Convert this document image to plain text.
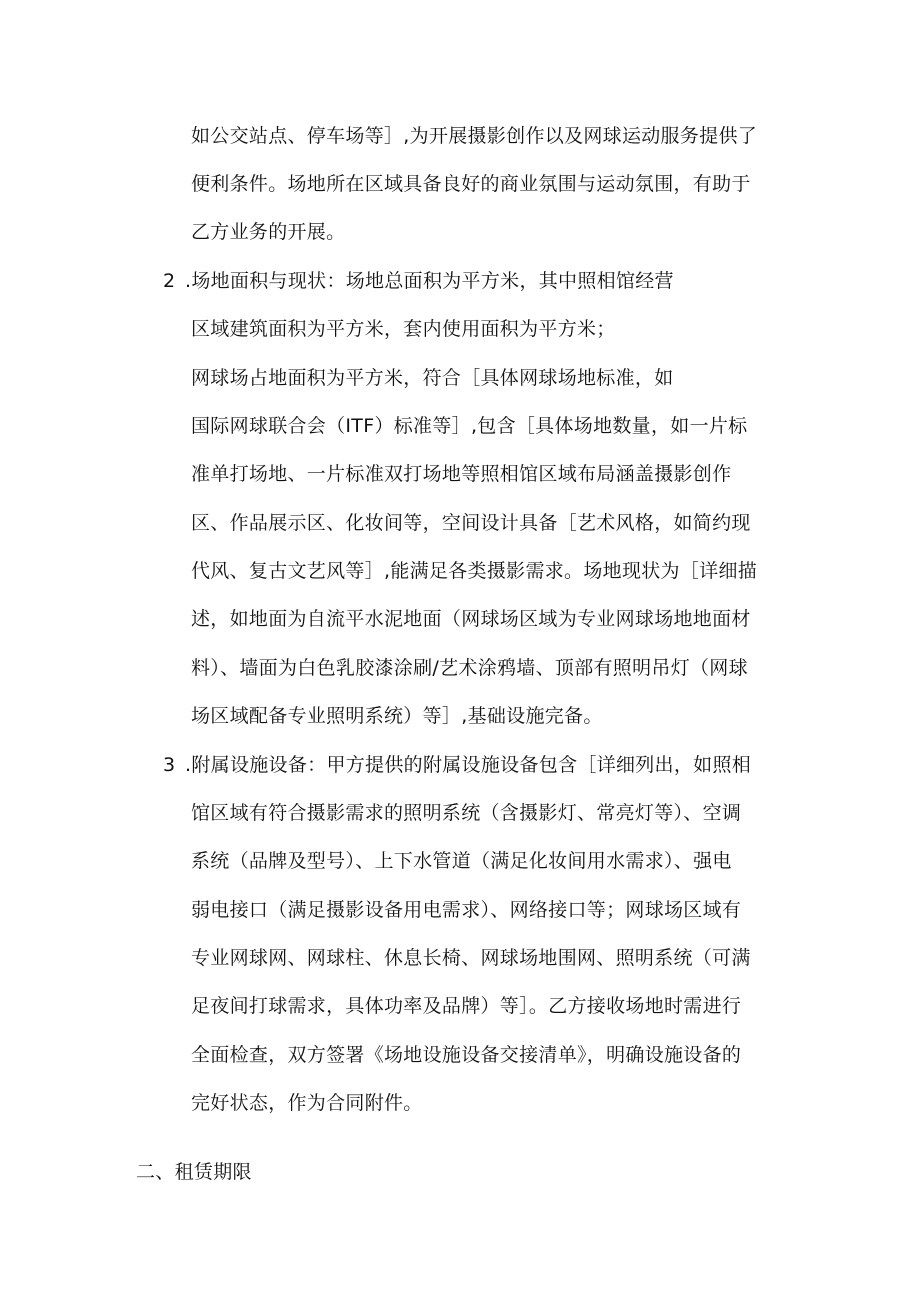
如公交站点、停车场等］,为开展摄影创作以及网球运动服务提供了
便利条件。场地所在区域具备良好的商业氛围与运动氛围，有助于
乙方业务的开展。
2 .场地面积与现状：场地总面积为平方米，其中照相馆经营
区域建筑面积为平方米，套内使用面积为平方米；
网球场占地面积为平方米，符合［具体网球场地标准，如
国际网球联合会（ITF）标准等］,包含［具体场地数量，如一片标
准单打场地、一片标准双打场地等照相馆区域布局涵盖摄影创作
区、作品展示区、化妆间等，空间设计具备［艺术风格，如简约现
代风、复古文艺风等］,能满足各类摄影需求。场地现状为［详细描
述，如地面为自流平水泥地面（网球场区域为专业网球场地地面材
料）、墙面为白色乳胶漆涂刷/艺术涂鸦墙、顶部有照明吊灯（网球
场区域配备专业照明系统）等］,基础设施完备。
3 .附属设施设备：甲方提供的附属设施设备包含［详细列出，如照相
馆区域有符合摄影需求的照明系统（含摄影灯、常亮灯等）、空调
系统（品牌及型号）、上下水管道（满足化妆间用水需求）、强电
弱电接口（满足摄影设备用电需求）、网络接口等；网球场区域有
专业网球网、网球柱、休息长椅、网球场地围网、照明系统（可满
足夜间打球需求，具体功率及品牌）等］。乙方接收场地时需进行
全面检查，双方签署《场地设施设备交接清单》，明确设施设备的
完好状态，作为合同附件。
二、租赁期限
